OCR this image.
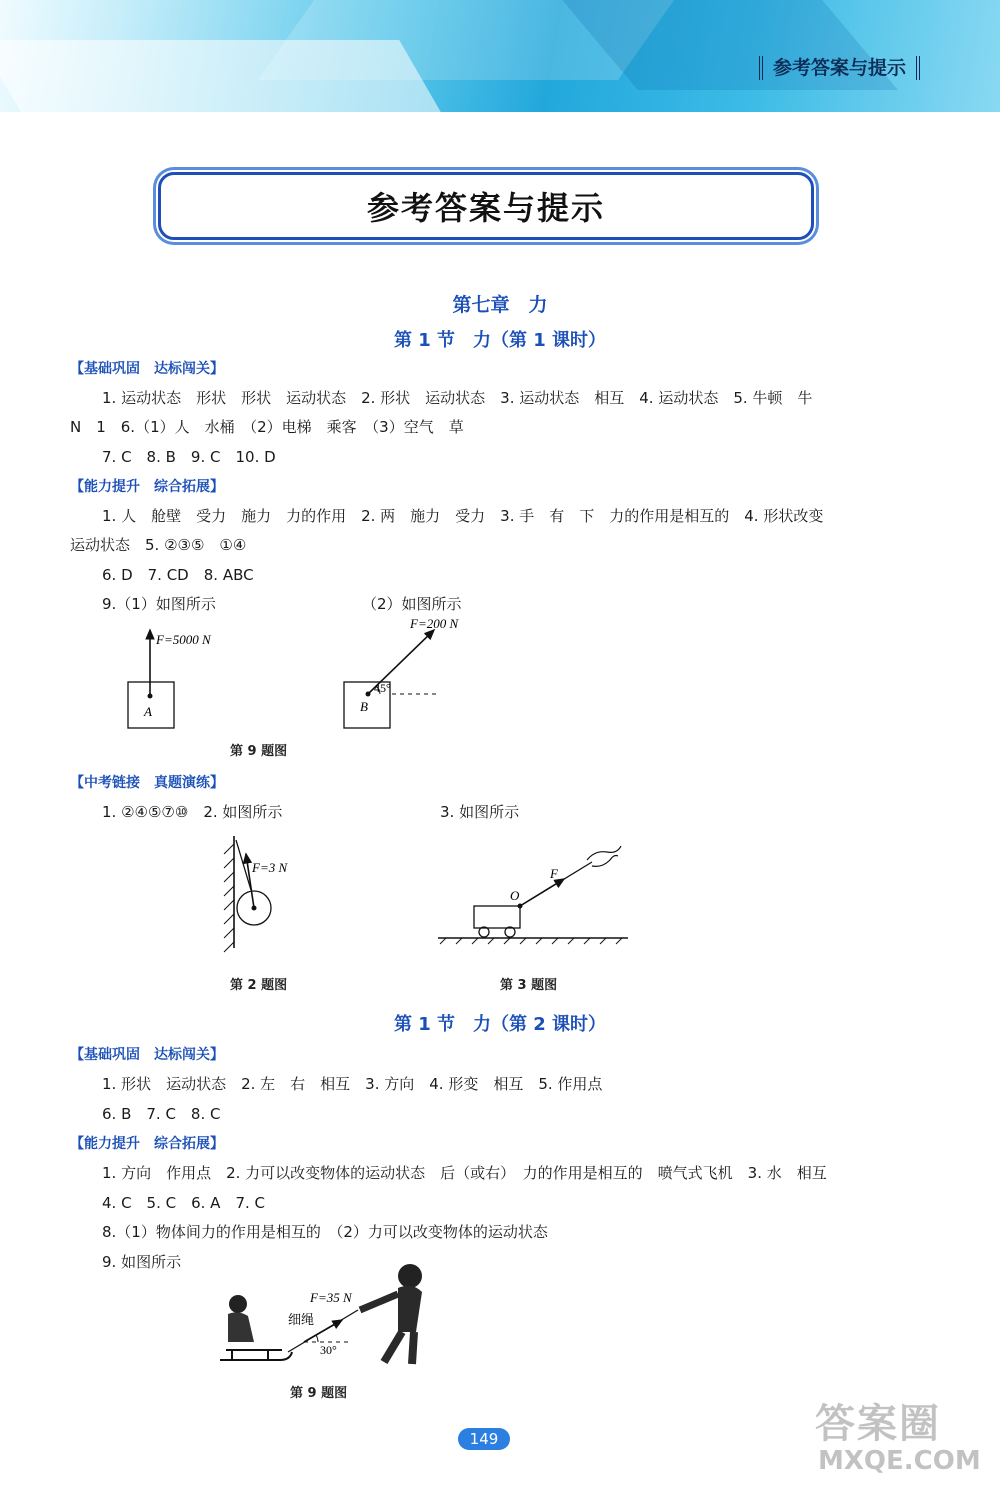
参考答案与提示
参考答案与提示
第七章　力
第 1 节　力（第 1 课时）
【基础巩固　达标闯关】
1. 运动状态　形状　形状　运动状态　2. 形状　运动状态　3. 运动状态　相互　4. 运动状态　5. 牛顿　牛
N　1　6.（1）人　水桶　（2）电梯　乘客　（3）空气　草
7. C　8. B　9. C　10. D
【能力提升　综合拓展】
1. 人　舱壁　受力　施力　力的作用　2. 两　施力　受力　3. 手　有　下　力的作用是相互的　4. 形状改变
运动状态　5. ②③⑤　①④
6. D　7. CD　8. ABC
9.（1）如图所示	（2）如图所示
F=5000 N
A
F=200 N
45°
B
第 9 题图
【中考链接　真题演练】
1. ②④⑤⑦⑩　2. 如图所示	3. 如图所示
F=3 N
第 2 题图
O
F
第 3 题图
第 1 节　力（第 2 课时）
【基础巩固　达标闯关】
1. 形状　运动状态　2. 左　右　相互　3. 方向　4. 形变　相互　5. 作用点
6. B　7. C　8. C
【能力提升　综合拓展】
1. 方向　作用点　2. 力可以改变物体的运动状态　后（或右）　力的作用是相互的　喷气式飞机　3. 水　相互
4. C　5. C　6. A　7. C
8.（1）物体间力的作用是相互的　（2）力可以改变物体的运动状态
9. 如图所示
F=35 N
细绳
30°
第 9 题图
149	答案圈
MXQE.COM
